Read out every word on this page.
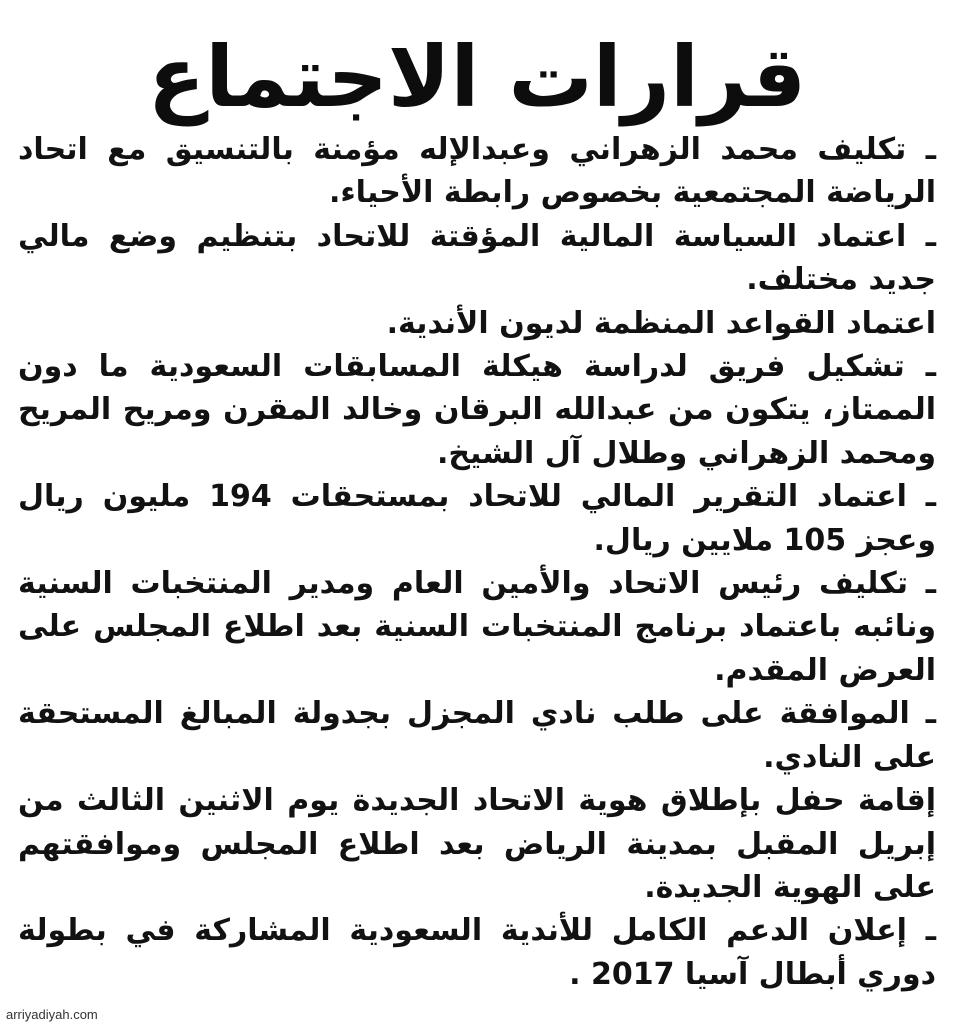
قرارات الاجتماع

ـ تكليف محمد الزهراني وعبدالإله مؤمنة بالتنسيق مع اتحاد الرياضة المجتمعية بخصوص رابطة الأحياء.

ـ اعتماد السياسة المالية المؤقتة للاتحاد بتنظيم وضع مالي جديد مختلف.

اعتماد القواعد المنظمة لديون الأندية.

ـ تشكيل فريق لدراسة هيكلة المسابقات السعودية ما دون الممتاز، يتكون من عبدالله البرقان وخالد المقرن ومريح المريح ومحمد الزهراني وطلال آل الشيخ.

ـ اعتماد التقرير المالي للاتحاد بمستحقات 194 مليون ريال وعجز 105 ملايين ريال.

ـ تكليف رئيس الاتحاد والأمين العام ومدير المنتخبات السنية ونائبه باعتماد برنامج المنتخبات السنية بعد اطلاع المجلس على العرض المقدم.

ـ الموافقة على طلب نادي المجزل بجدولة المبالغ المستحقة على النادي.

إقامة حفل بإطلاق هوية الاتحاد الجديدة يوم الاثنين الثالث من إبريل المقبل بمدينة الرياض بعد اطلاع المجلس وموافقتهم على الهوية الجديدة.

ـ إعلان الدعم الكامل للأندية السعودية المشاركة في بطولة دوري أبطال آسيا 2017 .

arriyadiyah.com
